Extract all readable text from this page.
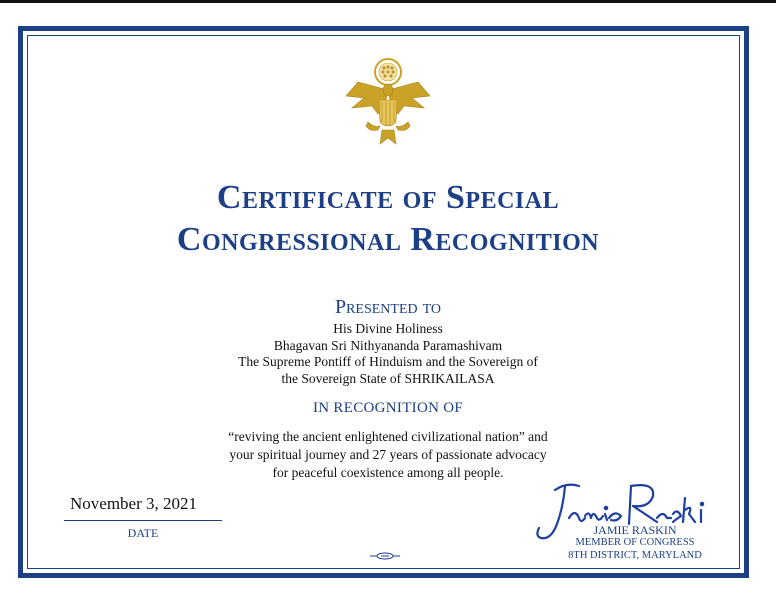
Certificate of Special
Congressional Recognition
Presented to
His Divine Holiness
Bhagavan Sri Nithyananda Paramashivam
The Supreme Pontiff of Hinduism and the Sovereign of
the Sovereign State of SHRIKAILASA
IN RECOGNITION OF
“reviving the ancient enlightened civilizational nation” and
your spiritual journey and 27 years of passionate advocacy
for peaceful coexistence among all people.
November 3, 2021
DATE	JAMIE RASKIN
MEMBER OF CONGRESS
8TH DISTRICT, MARYLAND
